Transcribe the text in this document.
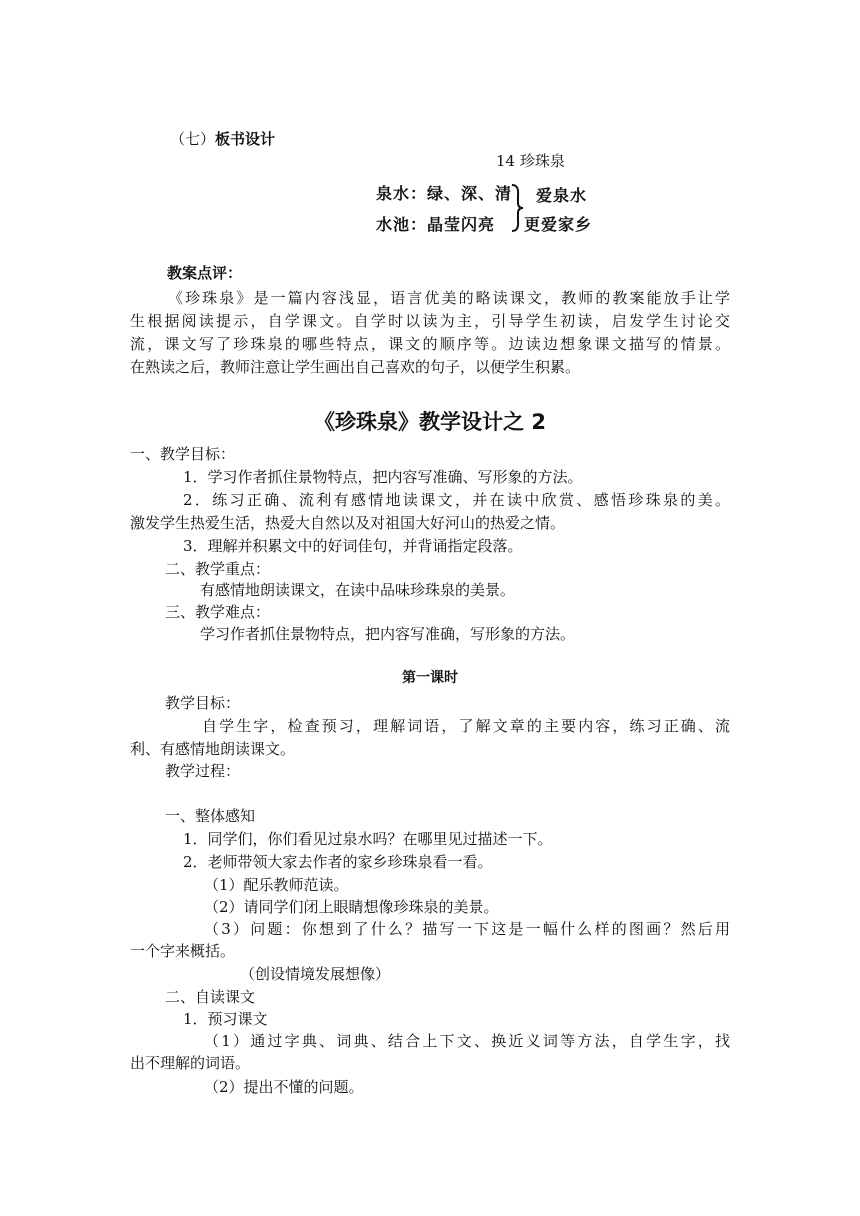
（七）板书设计
14 珍珠泉
泉水：绿、深、清
水池：晶莹闪亮
爱泉水
更爱家乡
教案点评：
《珍珠泉》是一篇内容浅显，语言优美的略读课文，教师的教案能放手让学
生根据阅读提示，自学课文。自学时以读为主，引导学生初读，启发学生讨论交
流，课文写了珍珠泉的哪些特点，课文的顺序等。边读边想象课文描写的情景。
在熟读之后，教师注意让学生画出自己喜欢的句子，以便学生积累。
《珍珠泉》教学设计之 2
一、教学目标：
1．学习作者抓住景物特点，把内容写准确、写形象的方法。
2．练习正确、流利有感情地读课文，并在读中欣赏、感悟珍珠泉的美。
激发学生热爱生活，热爱大自然以及对祖国大好河山的热爱之情。
3．理解并积累文中的好词佳句，并背诵指定段落。
二、教学重点：
有感情地朗读课文，在读中品味珍珠泉的美景。
三、教学难点：
学习作者抓住景物特点，把内容写准确，写形象的方法。
第一课时
教学目标：
自学生字，检查预习，理解词语，了解文章的主要内容，练习正确、流
利、有感情地朗读课文。
教学过程：
一、整体感知
1．同学们，你们看见过泉水吗？在哪里见过描述一下。
2．老师带领大家去作者的家乡珍珠泉看一看。
（1）配乐教师范读。
（2）请同学们闭上眼睛想像珍珠泉的美景。
（3）问题：你想到了什么？描写一下这是一幅什么样的图画？然后用
一个字来概括。
（创设情境发展想像）
二、自读课文
1．预习课文
（1）通过字典、词典、结合上下文、换近义词等方法，自学生字，找
出不理解的词语。
（2）提出不懂的问题。
